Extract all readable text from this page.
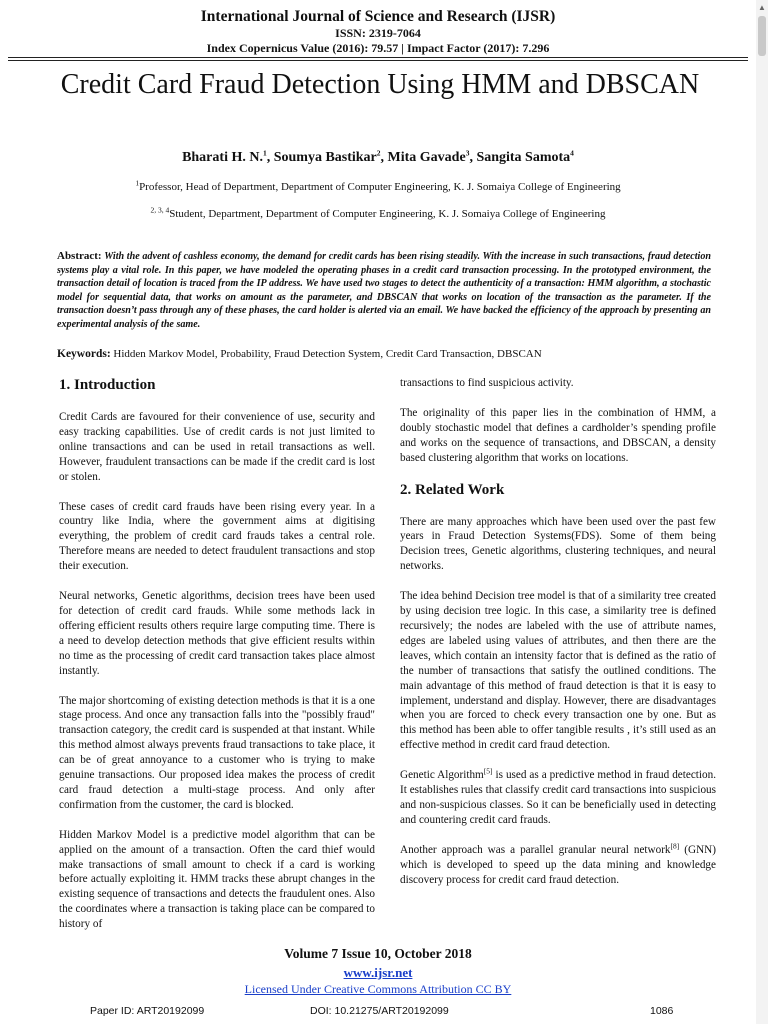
▲
International Journal of Science and Research (IJSR)
ISSN: 2319-7064
Index Copernicus Value (2016): 79.57 | Impact Factor (2017): 7.296
Credit Card Fraud Detection Using HMM and DBSCAN
Bharati H. N.$^1$, Soumya Bastikar$^2$, Mita Gavade$^3$, Sangita Samota$^4$
$^1$Professor, Head of Department, Department of Computer Engineering, K. J. Somaiya College of Engineering
$^{2, 3, 4}$Student, Department, Department of Computer Engineering, K. J. Somaiya College of Engineering
Abstract: With the advent of cashless economy, the demand for credit cards has been rising steadily. With the increase in such transactions, fraud detection systems play a vital role. In this paper, we have modeled the operating phases in a credit card transaction processing. In the prototyped environment, the transaction detail of location is traced from the IP address. We have used two stages to detect the authenticity of a transaction: HMM algorithm, a stochastic model for sequential data, that works on amount as the parameter, and DBSCAN that works on location of the transaction as the parameter. If the transaction doesn’t pass through any of these phases, the card holder is alerted via an email. We have backed the efficiency of the approach by presenting an experimental analysis of the same.
Keywords: Hidden Markov Model, Probability, Fraud Detection System, Credit Card Transaction, DBSCAN
1. Introduction

Credit Cards are favoured for their convenience of use, security and easy tracking capabilities. Use of credit cards is not just limited to online transactions and can be used in retail transactions as well. However, fraudulent transactions can be made if the credit card is lost or stolen.

These cases of credit card frauds have been rising every year. In a country like India, where the government aims at digitising everything, the problem of credit card frauds takes a central role. Therefore means are needed to detect fraudulent transactions and stop their execution.

Neural networks, Genetic algorithms, decision trees have been used for detection of credit card frauds. While some methods lack in offering efficient results others require large computing time. There is a need to develop detection methods that give efficient results within no time as the processing of credit card transaction takes place almost instantly.

The major shortcoming of existing detection methods is that it is a one stage process. And once any transaction falls into the "possibly fraud" transaction category, the credit card is suspended at that instant. While this method almost always prevents fraud transactions to take place, it can be of great annoyance to a customer who is trying to make genuine transactions. Our proposed idea makes the process of credit card fraud detection a multi-stage process. And only after confirmation from the customer, the card is blocked.

Hidden Markov Model is a predictive model algorithm that can be applied on the amount of a transaction. Often the card thief would make transactions of small amount to check if a card is working before actually exploiting it. HMM tracks these abrupt changes in the existing sequence of transactions and detects the fraudulent ones. Also the coordinates where a transaction is taking place can be compared to history of

transactions to find suspicious activity.

The originality of this paper lies in the combination of HMM, a doubly stochastic model that defines a cardholder’s spending profile and works on the sequence of transactions, and DBSCAN, a density based clustering algorithm that works on locations.

2. Related Work

There are many approaches which have been used over the past few years in Fraud Detection Systems(FDS). Some of them being Decision trees, Genetic algorithms, clustering techniques, and neural networks.

The idea behind Decision tree model is that of a similarity tree created by using decision tree logic. In this case, a similarity tree is defined recursively; the nodes are labeled with the use of attribute names, edges are labeled using values of attributes, and then there are the leaves, which contain an intensity factor that is defined as the ratio of the number of transactions that satisfy the outlined conditions. The main advantage of this method of fraud detection is that it is easy to implement, understand and display. However, there are disadvantages when you are forced to check every transaction one by one. But as this method has been able to offer tangible results , it’s still used as an effective method in credit card fraud detection.

Genetic Algorithm[5] is used as a predictive method in fraud detection. It establishes rules that classify credit card transactions into suspicious and non-suspicious classes. So it can be beneficially used in detecting and countering credit card frauds.

Another approach was a parallel granular neural network[8] (GNN) which is developed to speed up the data mining and knowledge discovery process for credit card fraud detection.

Volume 7 Issue 10, October 2018
www.ijsr.net
Licensed Under Creative Commons Attribution CC BY
Paper ID: ART20192099	DOI: 10.21275/ART20192099	1086
